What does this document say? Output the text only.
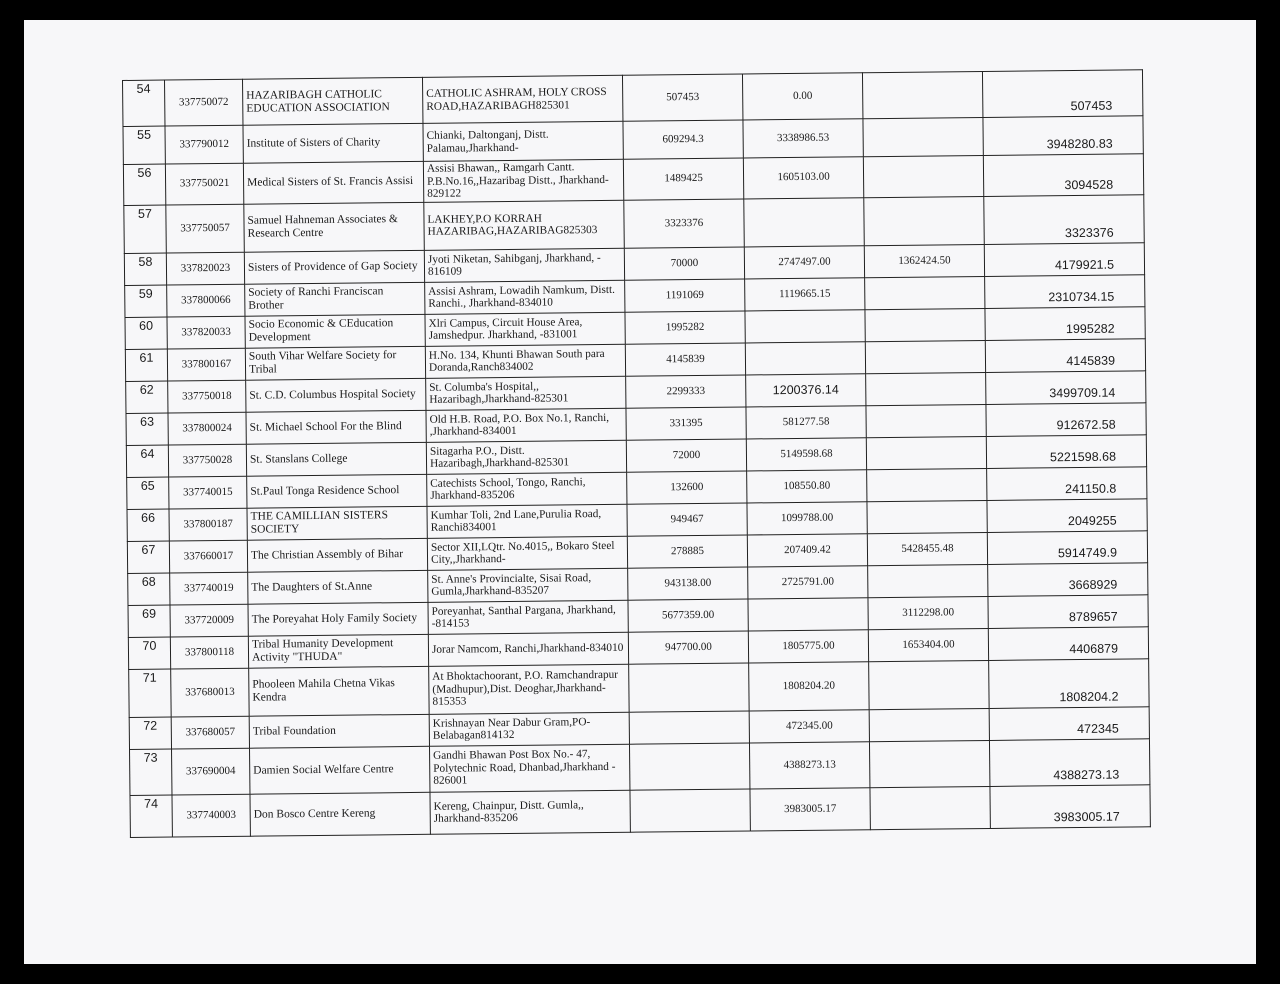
54	337750072	HAZARIBAGH CATHOLIC EDUCATION ASSOCIATION	CATHOLIC ASHRAM, HOLY CROSS ROAD,HAZARIBAGH825301	507453	0.00		507453
55	337790012	Institute of Sisters of Charity	Chianki, Daltonganj, Distt. Palamau,Jharkhand-	609294.3	3338986.53		3948280.83
56	337750021	Medical Sisters of St. Francis Assisi	Assisi Bhawan,, Ramgarh Cantt. P.B.No.16,,Hazaribag Distt., Jharkhand-829122	1489425	1605103.00		3094528
57	337750057	Samuel Hahneman Associates & Research Centre	LAKHEY,P.O KORRAH HAZARIBAG,HAZARIBAG825303	3323376			3323376
58	337820023	Sisters of Providence of Gap Society	Jyoti Niketan, Sahibganj, Jharkhand, - 816109	70000	2747497.00	1362424.50	4179921.5
59	337800066	Society of Ranchi Franciscan Brother	Assisi Ashram, Lowadih Namkum, Distt. Ranchi., Jharkhand-834010	1191069	1119665.15		2310734.15
60	337820033	Socio Economic & CEducation Development	Xlri Campus, Circuit House Area, Jamshedpur. Jharkhand, -831001	1995282			1995282
61	337800167	South Vihar Welfare Society for Tribal	H.No. 134, Khunti Bhawan South para Doranda,Ranch834002	4145839			4145839
62	337750018	St. C.D. Columbus Hospital Society	St. Columba's Hospital,, Hazaribagh,Jharkhand-825301	2299333	1200376.14		3499709.14
63	337800024	St. Michael School For the Blind	Old H.B. Road, P.O. Box No.1, Ranchi, ,Jharkhand-834001	331395	581277.58		912672.58
64	337750028	St. Stanslans College	Sitagarha P.O., Distt. Hazaribagh,Jharkhand-825301	72000	5149598.68		5221598.68
65	337740015	St.Paul Tonga Residence School	Catechists School, Tongo, Ranchi, Jharkhand-835206	132600	108550.80		241150.8
66	337800187	THE CAMILLIAN SISTERS SOCIETY	Kumhar Toli, 2nd Lane,Purulia Road, Ranchi834001	949467	1099788.00		2049255
67	337660017	The Christian Assembly of Bihar	Sector XII,LQtr. No.4015,, Bokaro Steel City,,Jharkhand-	278885	207409.42	5428455.48	5914749.9
68	337740019	The Daughters of St.Anne	St. Anne's Provincialte, Sisai Road, Gumla,Jharkhand-835207	943138.00	2725791.00		3668929
69	337720009	The Poreyahat Holy Family Society	Poreyanhat, Santhal Pargana, Jharkhand, -814153	5677359.00		3112298.00	8789657
70	337800118	Tribal Humanity Development Activity "THUDA"	Jorar Namcom, Ranchi,Jharkhand-834010	947700.00	1805775.00	1653404.00	4406879
71	337680013	Phooleen Mahila Chetna Vikas Kendra	At Bhoktachoorant, P.O. Ramchandrapur (Madhupur),Dist. Deoghar,Jharkhand-815353		1808204.20		1808204.2
72	337680057	Tribal Foundation	Krishnayan Near Dabur Gram,PO-Belabagan814132		472345.00		472345
73	337690004	Damien Social Welfare Centre	Gandhi Bhawan Post Box No.- 47, Polytechnic Road, Dhanbad,Jharkhand - 826001		4388273.13		4388273.13
74	337740003	Don Bosco Centre Kereng	Kereng, Chainpur, Distt. Gumla,, Jharkhand-835206		3983005.17		3983005.17
